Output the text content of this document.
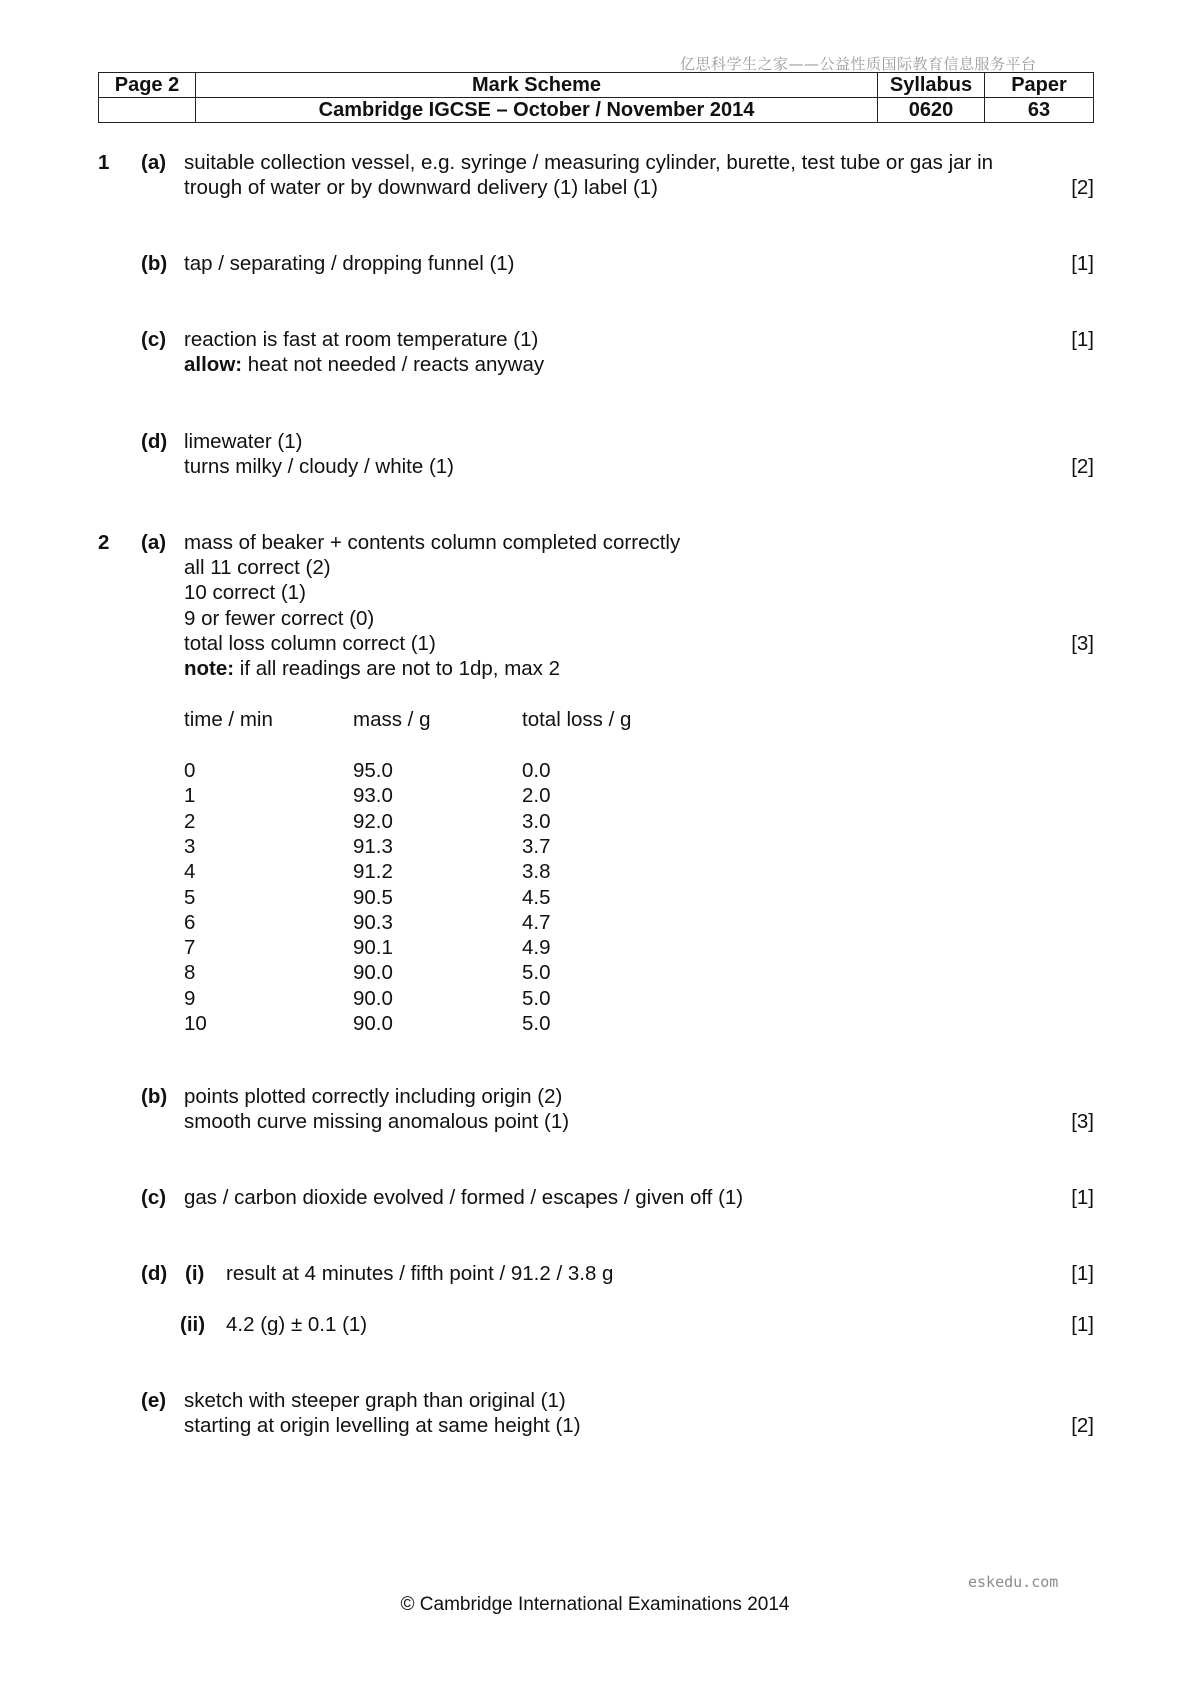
亿思科学生之家——公益性质国际教育信息服务平台
Page 2	Mark Scheme	Syllabus	Paper
	Cambridge IGCSE – October / November 2014	0620	63
1 (a) suitable collection vessel, e.g. syringe / measuring cylinder, burette, test tube or gas jar in
trough of water or by downward delivery (1) label (1)	[2]
(b) tap / separating / dropping funnel (1)	[1]
(c) reaction is fast at room temperature (1)	[1]
allow: heat not needed / reacts anyway
(d) limewater (1)
turns milky / cloudy / white (1)	[2]
2 (a) mass of beaker + contents column completed correctly
all 11 correct (2)
10 correct (1)
9 or fewer correct (0)
total loss column correct (1)	[3]
note: if all readings are not to 1dp, max 2
time / min	mass / g	total loss / g
0	95.0	0.0
1	93.0	2.0
2	92.0	3.0
3	91.3	3.7
4	91.2	3.8
5	90.5	4.5
6	90.3	4.7
7	90.1	4.9
8	90.0	5.0
9	90.0	5.0
10	90.0	5.0
(b) points plotted correctly including origin (2)
smooth curve missing anomalous point (1)	[3]
(c) gas / carbon dioxide evolved / formed / escapes / given off (1)	[1]
(d) (i) result at 4 minutes / fifth point / 91.2 / 3.8 g	[1]
(ii) 4.2 (g) ± 0.1 (1)	[1]
(e) sketch with steeper graph than original (1)
starting at origin levelling at same height (1)	[2]
eskedu.com
© Cambridge International Examinations 2014
